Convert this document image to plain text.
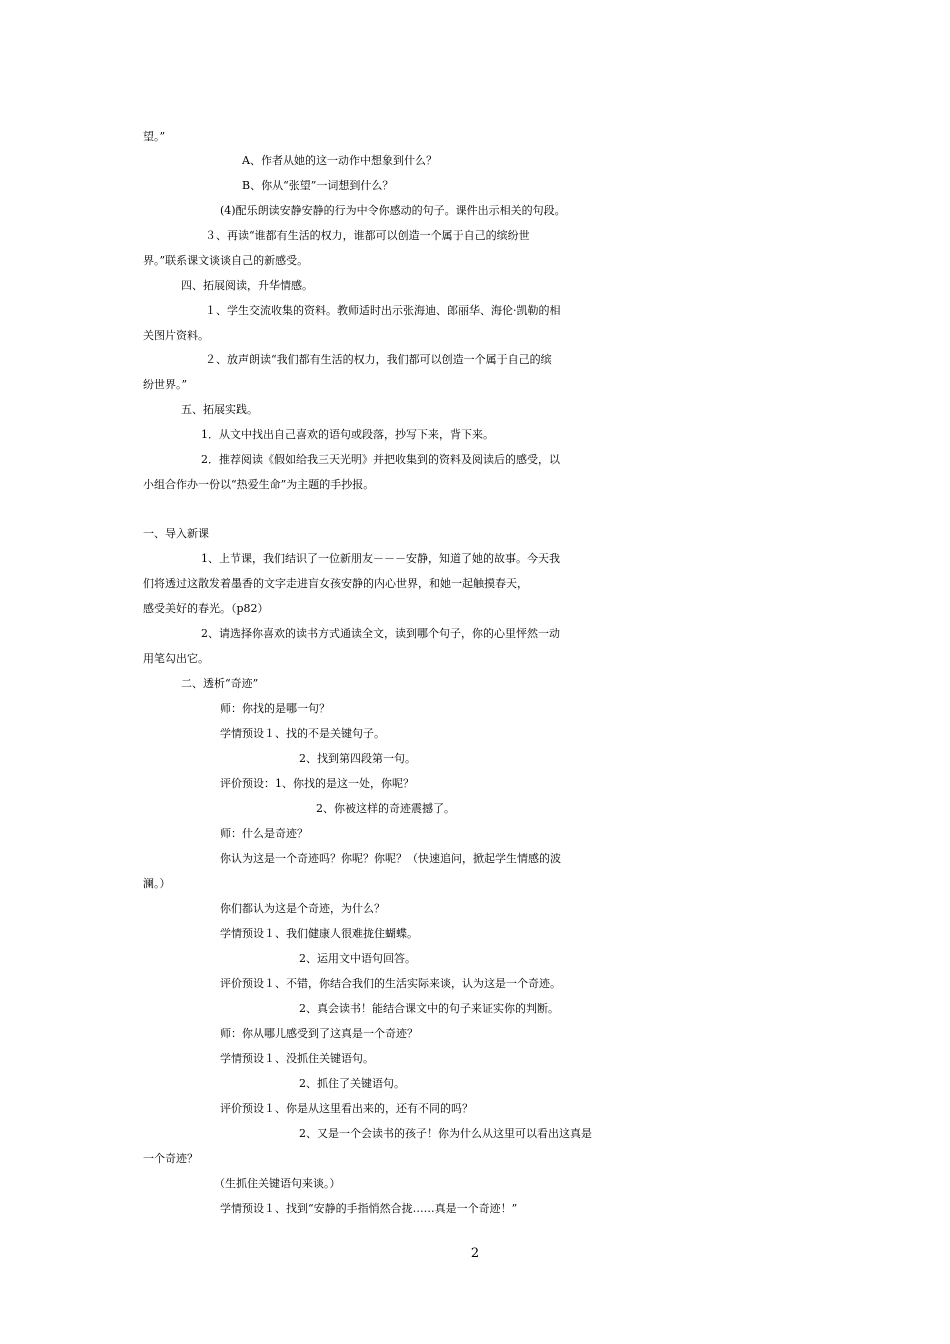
望。”
A、作者从她的这一动作中想象到什么？
B、你从“张望”一词想到什么？
(4)配乐朗读安静安静的行为中令你感动的句子。课件出示相关的句段。
３、再读“谁都有生活的权力，谁都可以创造一个属于自己的缤纷世
界。”联系课文谈谈自己的新感受。
四、拓展阅读，升华情感。
１、学生交流收集的资料。教师适时出示张海迪、郎丽华、海伦·凯勒的相
关图片资料。
２、放声朗读“我们都有生活的权力，我们都可以创造一个属于自己的缤
纷世界。”
五、拓展实践。
1．从文中找出自己喜欢的语句或段落，抄写下来，背下来。
2．推荐阅读《假如给我三天光明》并把收集到的资料及阅读后的感受，以
小组合作办一份以“热爱生命”为主题的手抄报。
一、导入新课
1、上节课，我们结识了一位新朋友－－－安静，知道了她的故事。今天我
们将透过这散发着墨香的文字走进盲女孩安静的内心世界，和她一起触摸春天，
感受美好的春光。（p82）
2、请选择你喜欢的读书方式通读全文，读到哪个句子，你的心里怦然一动
用笔勾出它。
二、透析“奇迹”
师：你找的是哪一句？
学情预设１、找的不是关键句子。
2、找到第四段第一句。
评价预设：1、你找的是这一处，你呢？
2、你被这样的奇迹震撼了。
师：什么是奇迹？
你认为这是一个奇迹吗？你呢？你呢？（快速追问，掀起学生情感的波
澜。）
你们都认为这是个奇迹，为什么？
学情预设１、我们健康人很难拢住蝴蝶。
2、运用文中语句回答。
评价预设１、不错，你结合我们的生活实际来谈，认为这是一个奇迹。
2、真会读书！能结合课文中的句子来证实你的判断。
师：你从哪儿感受到了这真是一个奇迹？
学情预设１、没抓住关键语句。
2、抓住了关键语句。
评价预设１、你是从这里看出来的，还有不同的吗？
2、又是一个会读书的孩子！你为什么从这里可以看出这真是
一个奇迹？
（生抓住关键语句来谈。）
学情预设１、找到“安静的手指悄然合拢……真是一个奇迹！”
2
